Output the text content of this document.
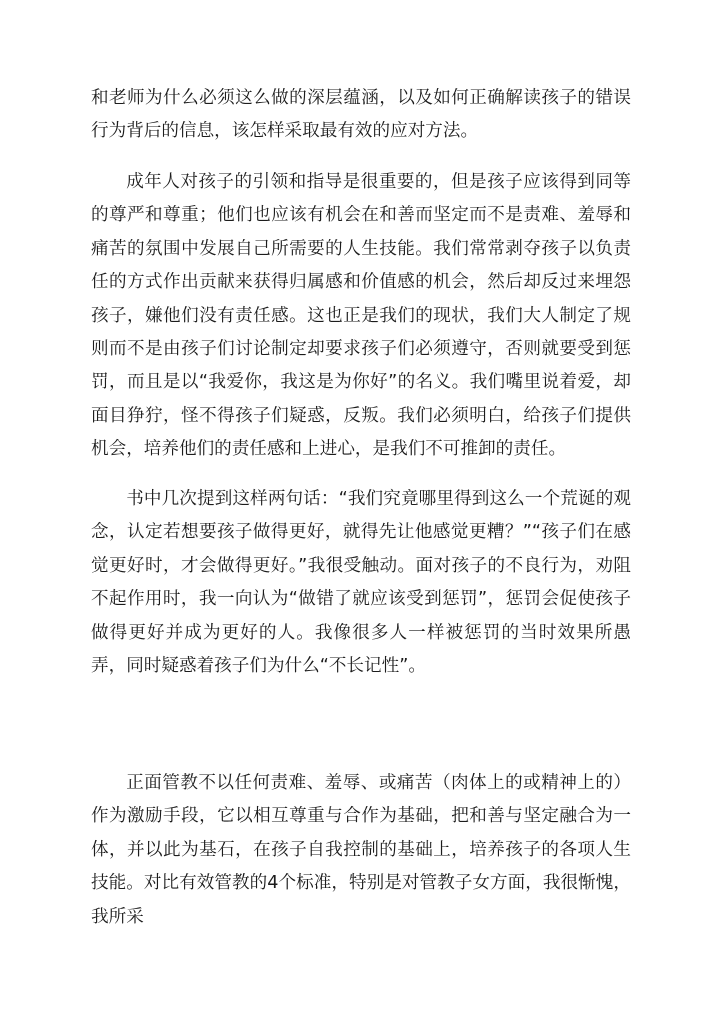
和老师为什么必须这么做的深层蕴涵，以及如何正确解读孩子的错误行为背后的信息，该怎样采取最有效的应对方法。

成年人对孩子的引领和指导是很重要的，但是孩子应该得到同等的尊严和尊重；他们也应该有机会在和善而坚定而不是责难、羞辱和痛苦的氛围中发展自己所需要的人生技能。我们常常剥夺孩子以负责任的方式作出贡献来获得归属感和价值感的机会，然后却反过来埋怨孩子，嫌他们没有责任感。这也正是我们的现状，我们大人制定了规则而不是由孩子们讨论制定却要求孩子们必须遵守，否则就要受到惩罚，而且是以“我爱你，我这是为你好”的名义。我们嘴里说着爱，却面目狰狞，怪不得孩子们疑惑，反叛。我们必须明白，给孩子们提供机会，培养他们的责任感和上进心，是我们不可推卸的责任。

书中几次提到这样两句话：“我们究竟哪里得到这么一个荒诞的观念，认定若想要孩子做得更好，就得先让他感觉更糟？”“孩子们在感觉更好时，才会做得更好。”我很受触动。面对孩子的不良行为，劝阻不起作用时，我一向认为“做错了就应该受到惩罚”，惩罚会促使孩子做得更好并成为更好的人。我像很多人一样被惩罚的当时效果所愚弄，同时疑惑着孩子们为什么“不长记性”。

正面管教不以任何责难、羞辱、或痛苦（肉体上的或精神上的）作为激励手段，它以相互尊重与合作为基础，把和善与坚定融合为一体，并以此为基石，在孩子自我控制的基础上，培养孩子的各项人生技能。对比有效管教的4个标准，特别是对管教子女方面，我很惭愧，我所采
